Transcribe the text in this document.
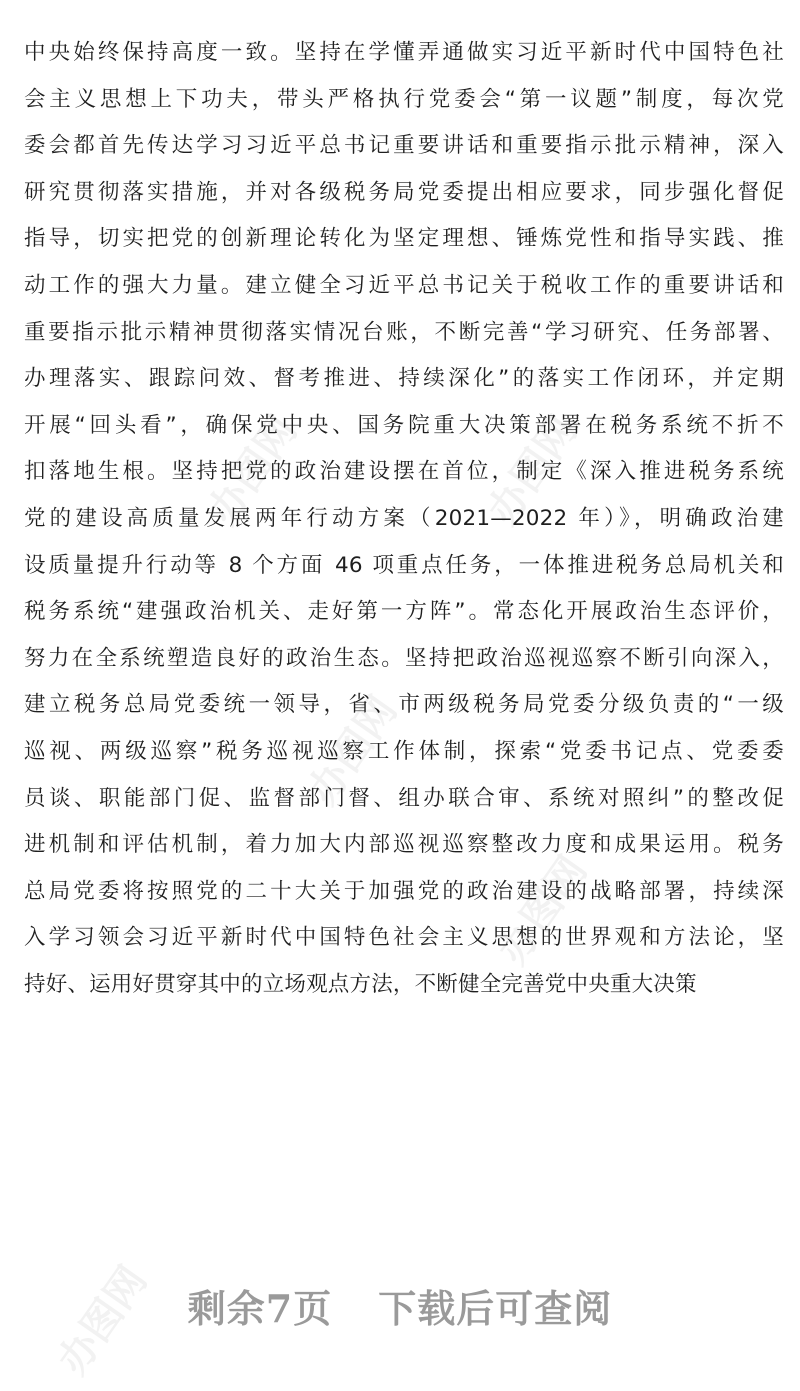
办图网	办图网
办图网
办图网
办图网
中央始终保持高度一致。坚持在学懂弄通做实习近平新时代中国特色社
会主义思想上下功夫，带头严格执行党委会“第一议题”制度，每次党
委会都首先传达学习习近平总书记重要讲话和重要指示批示精神，深入
研究贯彻落实措施，并对各级税务局党委提出相应要求，同步强化督促
指导，切实把党的创新理论转化为坚定理想、锤炼党性和指导实践、推
动工作的强大力量。建立健全习近平总书记关于税收工作的重要讲话和
重要指示批示精神贯彻落实情况台账，不断完善“学习研究、任务部署、
办理落实、跟踪问效、督考推进、持续深化”的落实工作闭环，并定期
开展“回头看”，确保党中央、国务院重大决策部署在税务系统不折不
扣落地生根。坚持把党的政治建设摆在首位，制定《深入推进税务系统
党的建设高质量发展两年行动方案（2021—2022 年）》，明确政治建
设质量提升行动等 8 个方面 46 项重点任务，一体推进税务总局机关和
税务系统“建强政治机关、走好第一方阵”。常态化开展政治生态评价，
努力在全系统塑造良好的政治生态。坚持把政治巡视巡察不断引向深入，
建立税务总局党委统一领导，省、市两级税务局党委分级负责的“一级
巡视、两级巡察”税务巡视巡察工作体制，探索“党委书记点、党委委
员谈、职能部门促、监督部门督、组办联合审、系统对照纠”的整改促
进机制和评估机制，着力加大内部巡视巡察整改力度和成果运用。税务
总局党委将按照党的二十大关于加强党的政治建设的战略部署，持续深
入学习领会习近平新时代中国特色社会主义思想的世界观和方法论，坚
持好、运用好贯穿其中的立场观点方法，不断健全完善党中央重大决策
剩余7页 下载后可查阅
